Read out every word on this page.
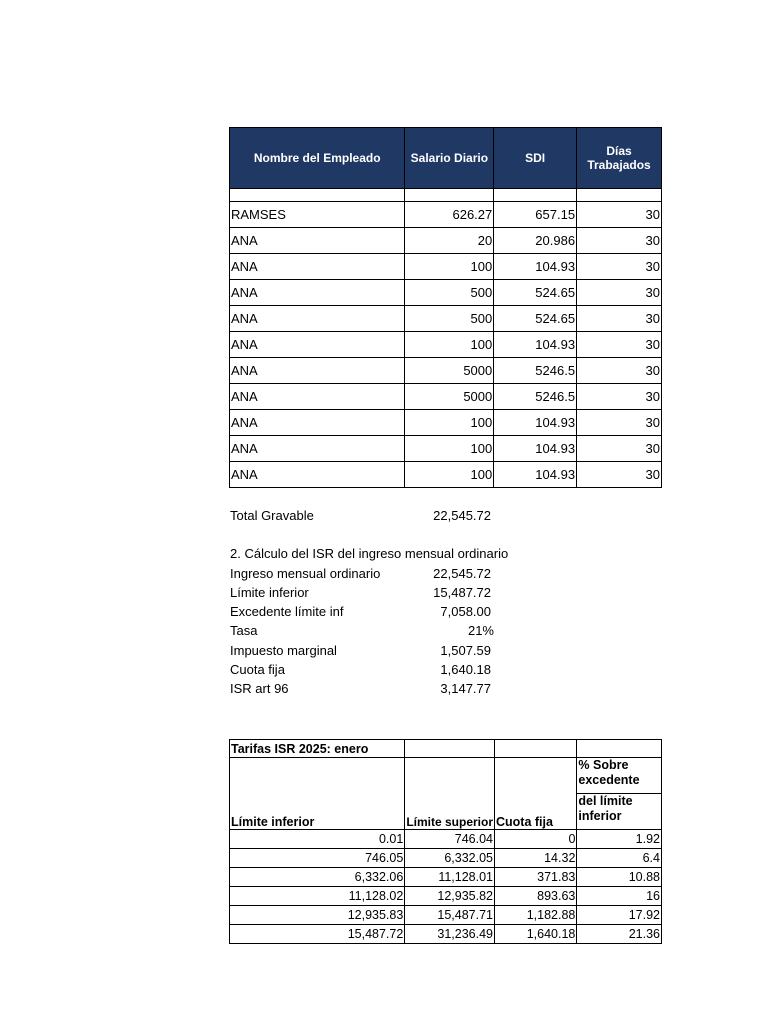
Nombre del Empleado	Salario Diario	SDI	Días Trabajados

RAMSES	626.27	657.15	30
ANA	20	20.986	30
ANA	100	104.93	30
ANA	500	524.65	30
ANA	500	524.65	30
ANA	100	104.93	30
ANA	5000	5246.5	30
ANA	5000	5246.5	30
ANA	100	104.93	30
ANA	100	104.93	30
ANA	100	104.93	30
Total Gravable	22,545.72
2. Cálculo del ISR del ingreso mensual ordinario
Ingreso mensual ordinario	22,545.72
Límite inferior	15,487.72
Excedente límite inf	7,058.00
Tasa	21%
Impuesto marginal	1,507.59
Cuota fija	1,640.18
ISR art 96	3,147.77
Tarifas ISR 2025: enero			
Límite inferior	Límite superior	Cuota fija	% Sobre excedente
			del límite inferior
0.01	746.04	0	1.92
746.05	6,332.05	14.32	6.4
6,332.06	11,128.01	371.83	10.88
11,128.02	12,935.82	893.63	16
12,935.83	15,487.71	1,182.88	17.92
15,487.72	31,236.49	1,640.18	21.36
